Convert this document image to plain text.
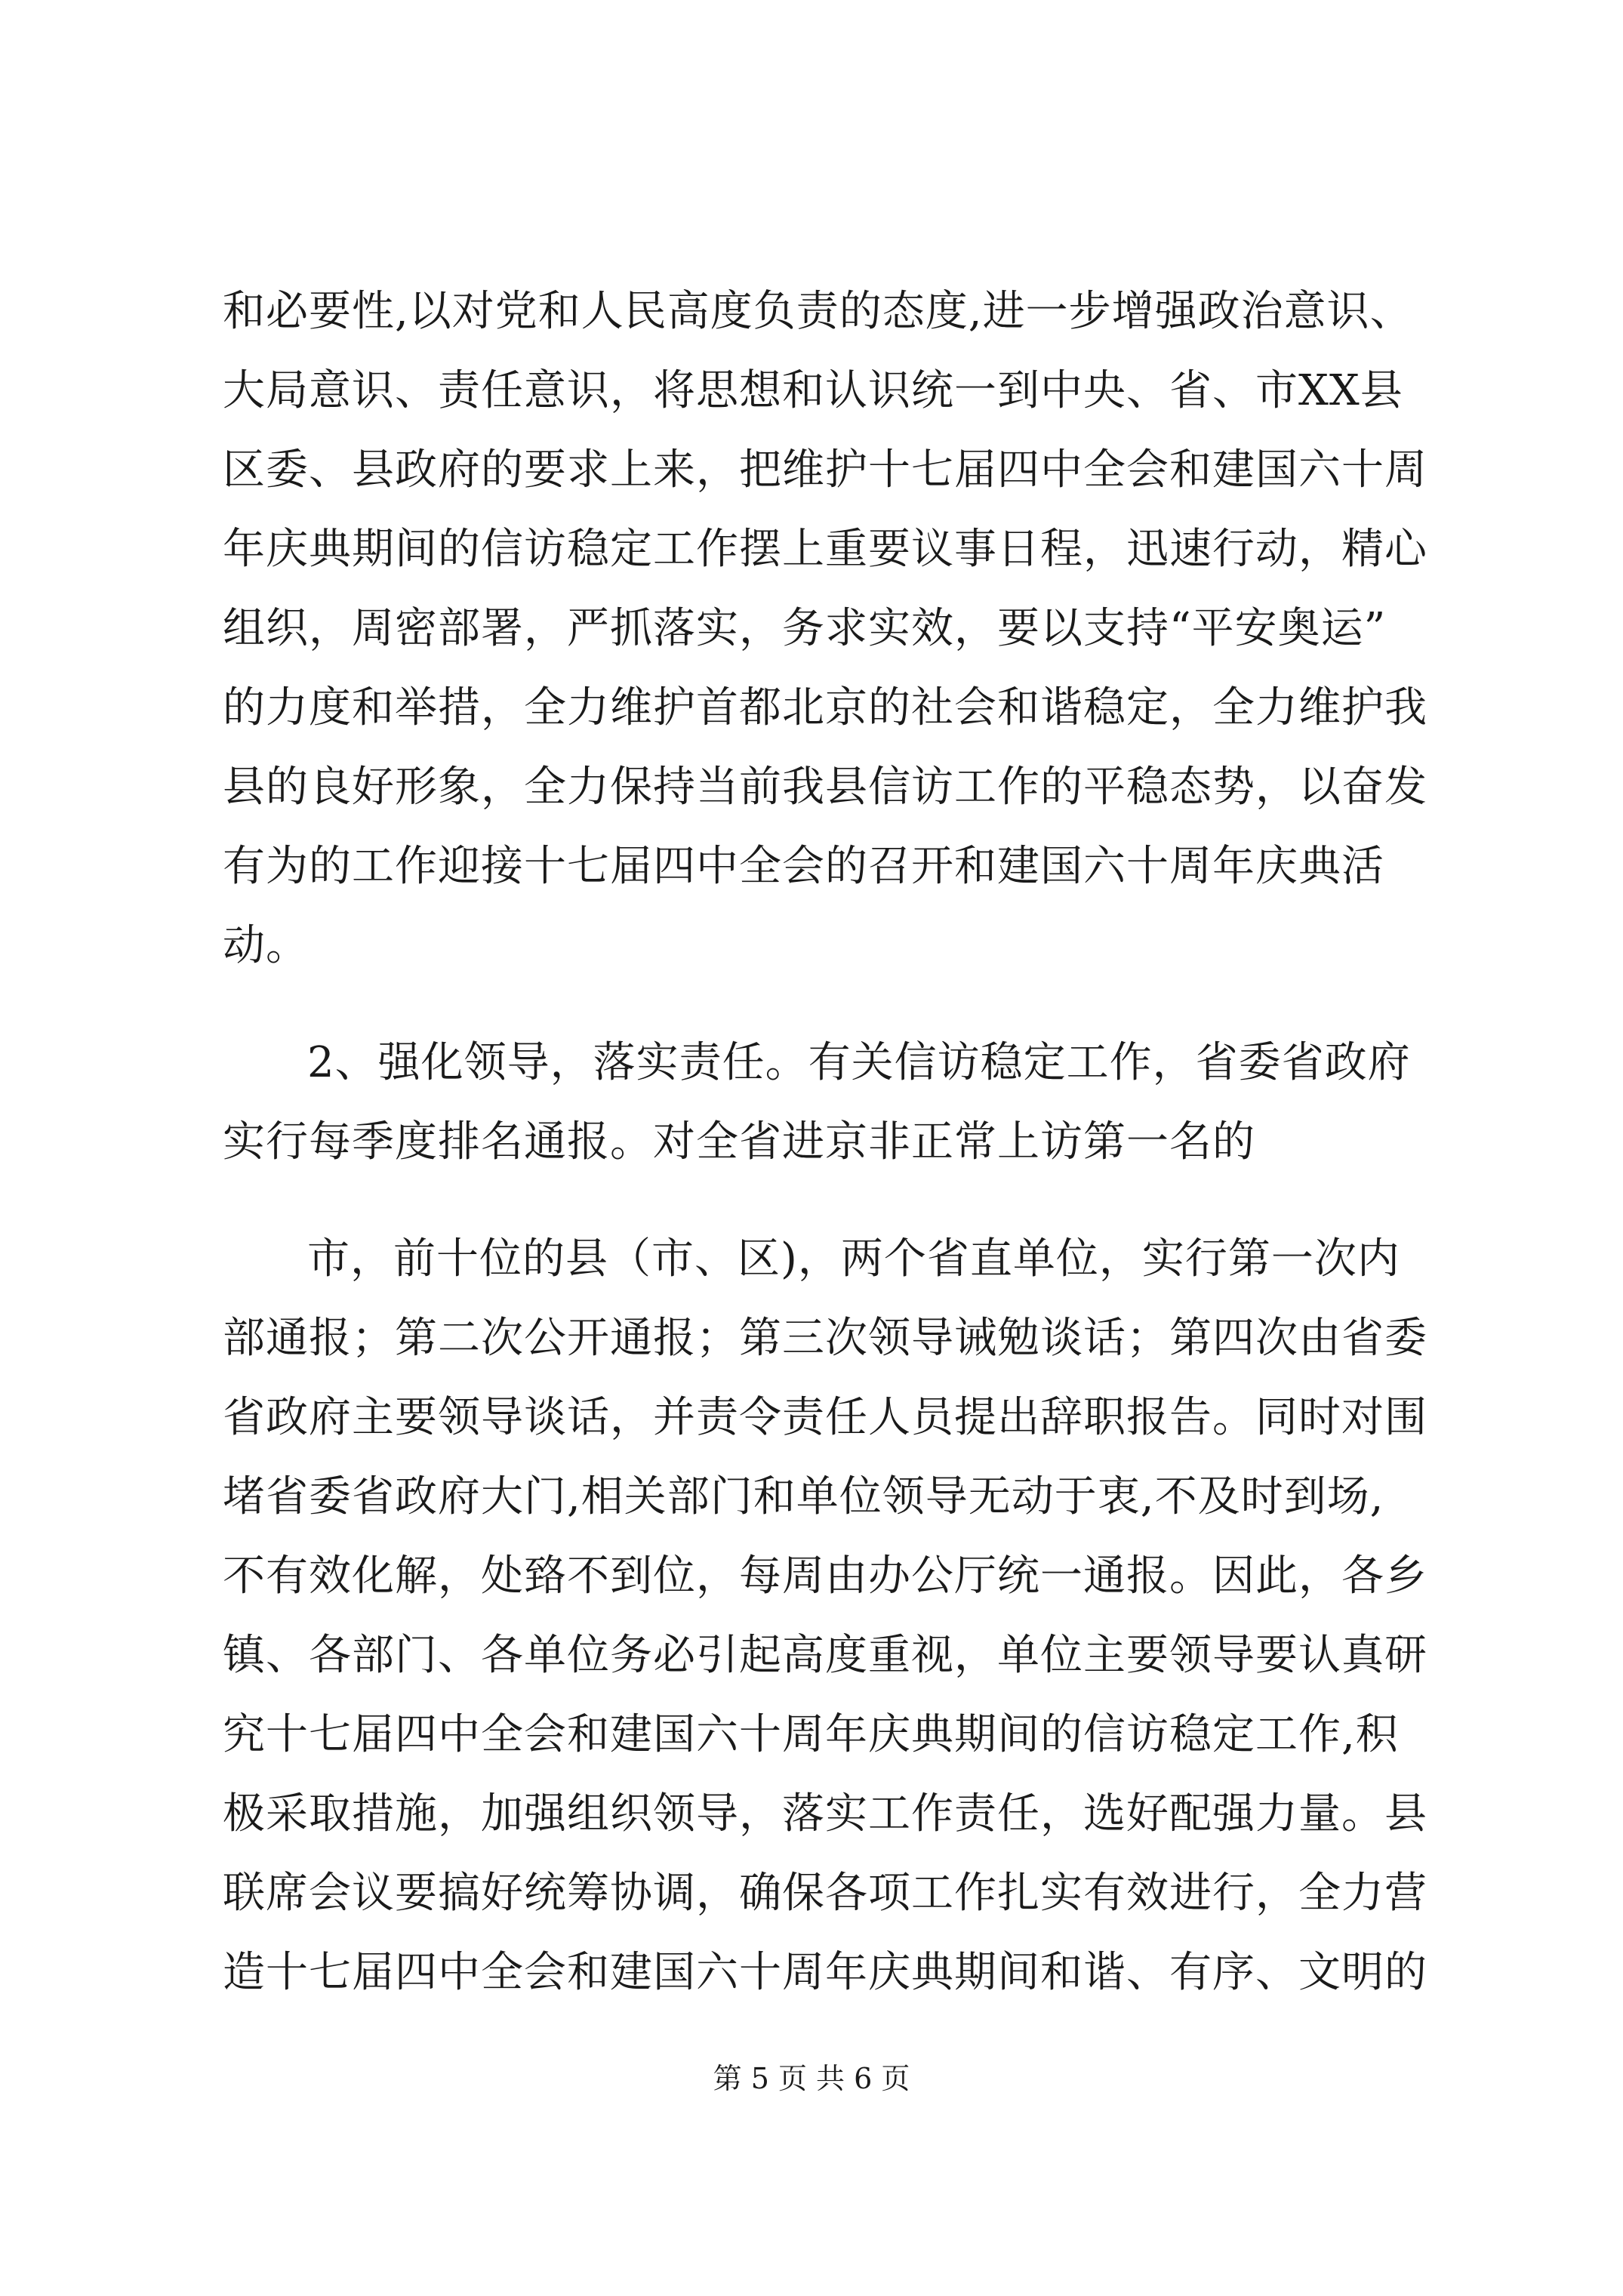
和必要性,以对党和人民高度负责的态度,进一步增强政治意识、
大局意识、责任意识，将思想和认识统一到中央、省、市XX县
区委、县政府的要求上来，把维护十七届四中全会和建国六十周
年庆典期间的信访稳定工作摆上重要议事日程，迅速行动，精心
组织，周密部署，严抓落实，务求实效，要以支持“平安奥运”
的力度和举措，全力维护首都北京的社会和谐稳定，全力维护我
县的良好形象，全力保持当前我县信访工作的平稳态势，以奋发
有为的工作迎接十七届四中全会的召开和建国六十周年庆典活
动。
2、强化领导，落实责任。有关信访稳定工作，省委省政府
实行每季度排名通报。对全省进京非正常上访第一名的
市，前十位的县（市、区)，两个省直单位，实行第一次内
部通报；第二次公开通报；第三次领导诫勉谈话；第四次由省委
省政府主要领导谈话，并责令责任人员提出辞职报告。同时对围
堵省委省政府大门,相关部门和单位领导无动于衷,不及时到场,
不有效化解，处臵不到位，每周由办公厅统一通报。因此，各乡
镇、各部门、各单位务必引起高度重视，单位主要领导要认真研
究十七届四中全会和建国六十周年庆典期间的信访稳定工作,积
极采取措施，加强组织领导，落实工作责任，选好配强力量。县
联席会议要搞好统筹协调，确保各项工作扎实有效进行，全力营
造十七届四中全会和建国六十周年庆典期间和谐、有序、文明的
第 5 页 共 6 页
